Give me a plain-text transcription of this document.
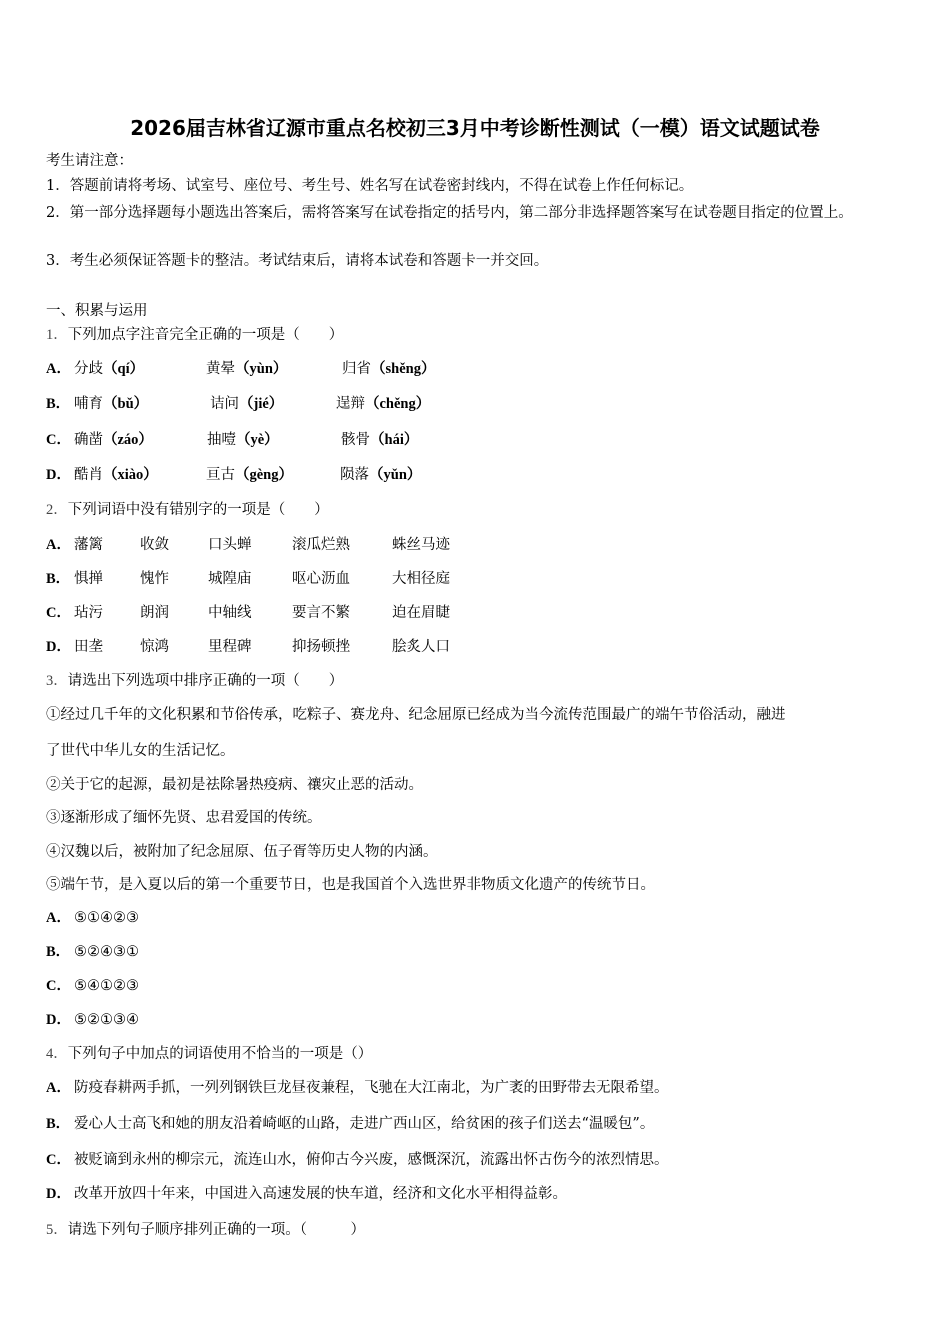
2026届吉林省辽源市重点名校初三3月中考诊断性测试（一模）语文试题试卷
考生请注意：
1．答题前请将考场、试室号、座位号、考生号、姓名写在试卷密封线内，不得在试卷上作任何标记。
2．第一部分选择题每小题选出答案后，需将答案写在试卷指定的括号内，第二部分非选择题答案写在试卷题目指定的位置上。
3．考生必须保证答题卡的整洁。考试结束后，请将本试卷和答题卡一并交回。
一、积累与运用
1．下列加点字注音完全正确的一项是（　　）
A． 分歧（qí）	黄晕（yùn）	归省（shěng）
B． 哺育（bǔ）	诘问（jié）	逞辩（chěng）
C． 确凿（záo）	抽噎（yè）	骸骨（hái）
D． 酷肖（xiào）	亘古（gèng）	陨落（yǔn）
2．下列词语中没有错别字的一项是（　　）
A． 藩篱	收敛	口头蝉	滚瓜烂熟	蛛丝马迹
B． 惧掸	愧怍	城隍庙	呕心沥血	大相径庭
C． 玷污	朗润	中轴线	要言不繁	迫在眉睫
D． 田垄	惊鸿	里程碑	抑扬顿挫	脍炙人口
3．请选出下列选项中排序正确的一项（　　）
①经过几千年的文化积累和节俗传承，吃粽子、赛龙舟、纪念屈原已经成为当今流传范围最广的端午节俗活动，融进
了世代中华儿女的生活记忆。
②关于它的起源，最初是祛除暑热疫病、禳灾止恶的活动。
③逐渐形成了缅怀先贤、忠君爱国的传统。
④汉魏以后，被附加了纪念屈原、伍子胥等历史人物的内涵。
⑤端午节，是入夏以后的第一个重要节日，也是我国首个入选世界非物质文化遗产的传统节日。
A． ⑤①④②③
B． ⑤②④③①
C． ⑤④①②③
D． ⑤②①③④
4．下列句子中加点的词语使用不恰当的一项是（）
A． 防疫春耕两手抓，一列列钢铁巨龙昼夜兼程，飞驰在大江南北，为广袤的田野带去无限希望。
B． 爱心人士高飞和她的朋友沿着崎岖的山路，走进广西山区，给贫困的孩子们送去“温暖包”。
C． 被贬谪到永州的柳宗元，流连山水，俯仰古今兴废，感慨深沉，流露出怀古伤今的浓烈情思。
D． 改革开放四十年来，中国进入高速发展的快车道，经济和文化水平相得益彰。
5．请选下列句子顺序排列正确的一项。（　　　）
